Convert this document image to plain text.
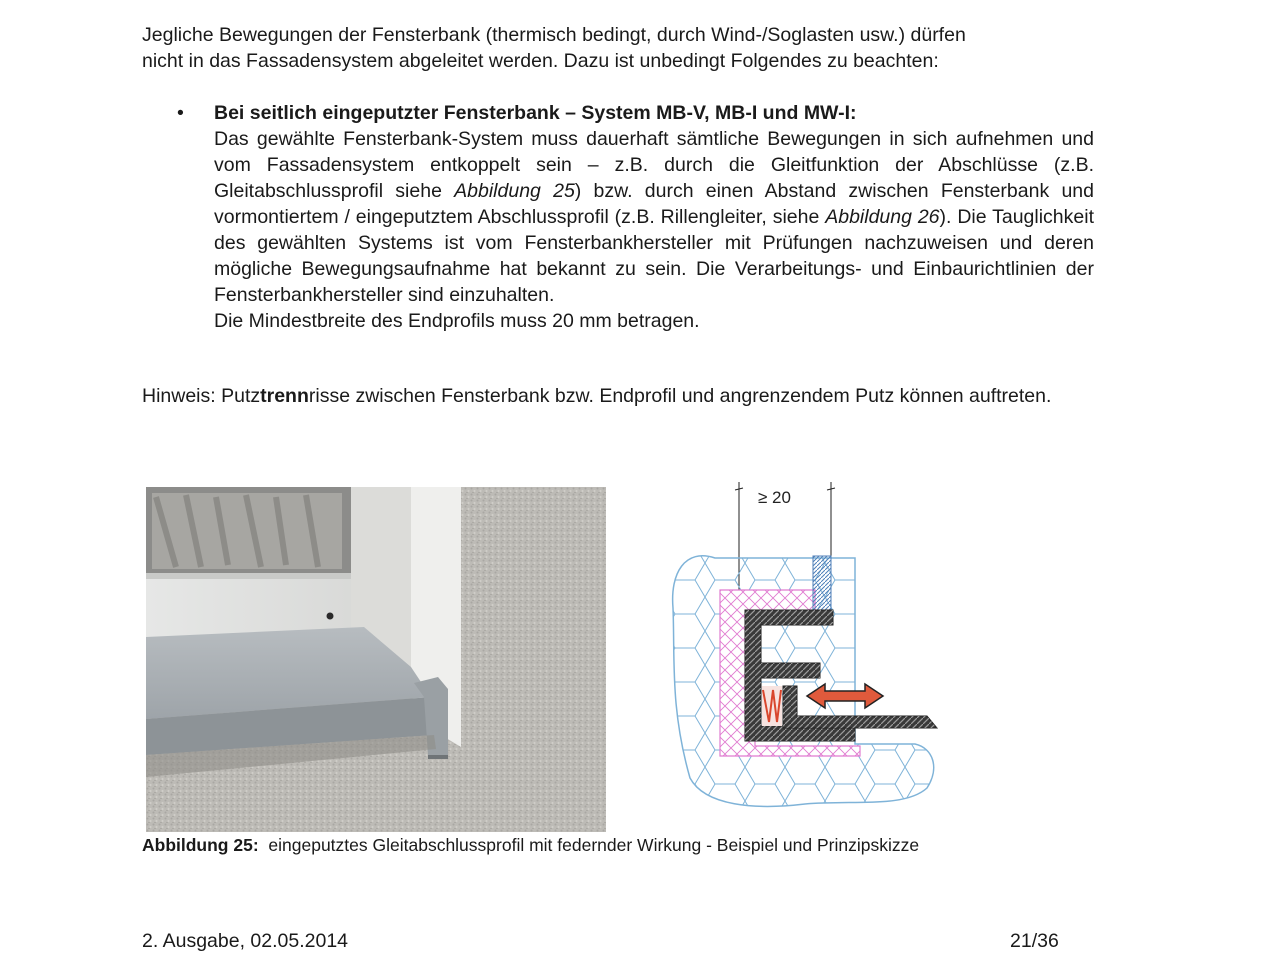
Jegliche Bewegungen der Fensterbank (thermisch bedingt, durch Wind-/Soglasten usw.) dürfen
nicht in das Fassadensystem abgeleitet werden. Dazu ist unbedingt Folgendes zu beachten:

• Bei seitlich eingeputzter Fensterbank – System MB-V, MB-I und MW-I:
Das gewählte Fensterbank-System muss dauerhaft sämtliche Bewegungen in sich aufnehmen und vom Fassadensystem entkoppelt sein – z.B. durch die Gleitfunktion der Abschlüsse (z.B. Gleitabschlussprofil siehe Abbildung 25) bzw. durch einen Abstand zwischen Fensterbank und vormontiertem / eingeputztem Abschlussprofil (z.B. Rillengleiter, siehe Abbildung 26). Die Tauglichkeit des gewählten Systems ist vom Fensterbankhersteller mit Prüfungen nachzuweisen und deren mögliche Bewegungsaufnahme hat bekannt zu sein. Die Verarbeitungs- und Einbaurichtlinien der Fensterbankhersteller sind einzuhalten.
Die Mindestbreite des Endprofils muss 20 mm betragen.

Hinweis: Putztrennrisse zwischen Fensterbank bzw. Endprofil und angrenzendem Putz können auftreten.

≥ 20

Abbildung 25: eingeputztes Gleitabschlussprofil mit federnder Wirkung - Beispiel und Prinzipskizze

2. Ausgabe, 02.05.2014	21/36
